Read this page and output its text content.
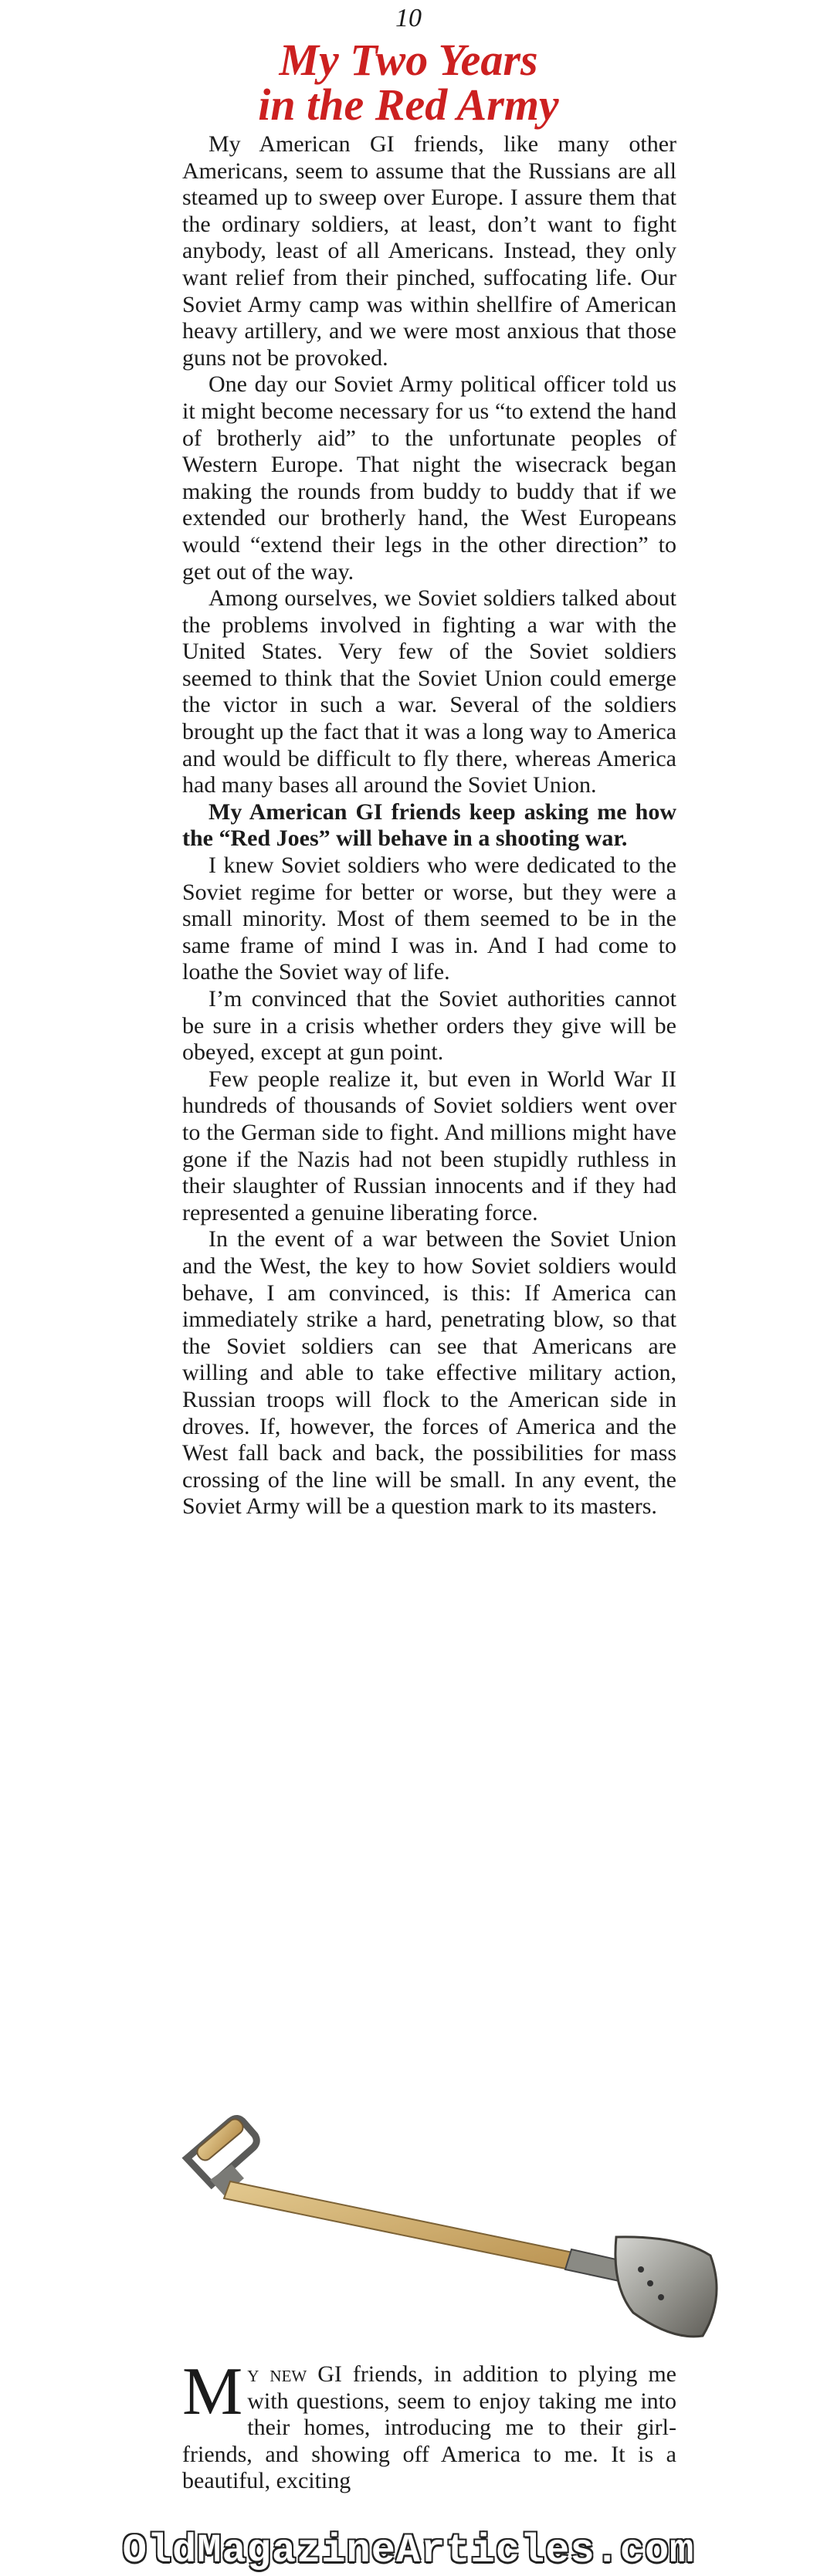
10
My Two Years
in the Red Army

My American GI friends, like many other Americans, seem to assume that the Russians are all steamed up to sweep over Europe. I assure them that the ordinary soldiers, at least, don’t want to fight anybody, least of all Americans. Instead, they only want relief from their pinched, suffocating life. Our Soviet Army camp was within shellfire of American heavy artillery, and we were most anxious that those guns not be provoked.

One day our Soviet Army political officer told us it might become necessary for us “to extend the hand of brotherly aid” to the unfortunate peoples of Western Europe. That night the wisecrack began making the rounds from buddy to buddy that if we extended our brotherly hand, the West Europeans would “extend their legs in the other direction” to get out of the way.

Among ourselves, we Soviet soldiers talked about the problems involved in fighting a war with the United States. Very few of the Soviet soldiers seemed to think that the Soviet Union could emerge the victor in such a war. Several of the soldiers brought up the fact that it was a long way to America and would be difficult to fly there, whereas America had many bases all around the Soviet Union.

My American GI friends keep asking me how the “Red Joes” will behave in a shooting war.

I knew Soviet soldiers who were dedicated to the Soviet regime for better or worse, but they were a small minority. Most of them seemed to be in the same frame of mind I was in. And I had come to loathe the Soviet way of life.

I’m convinced that the Soviet authorities cannot be sure in a crisis whether orders they give will be obeyed, except at gun point.

Few people realize it, but even in World War II hundreds of thousands of Soviet soldiers went over to the German side to fight. And millions might have gone if the Nazis had not been stupidly ruthless in their slaughter of Russian innocents and if they had represented a genuine liberating force.

In the event of a war between the Soviet Union and the West, the key to how Soviet soldiers would behave, I am convinced, is this: If America can immediately strike a hard, penetrating blow, so that the Soviet soldiers can see that Americans are willing and able to take effective military action, Russian troops will flock to the American side in droves. If, however, the forces of America and the West fall back and back, the possibilities for mass crossing of the line will be small. In any event, the Soviet Army will be a question mark to its masters.

My new GI friends, in addition to plying me with questions, seem to enjoy taking me into their homes, introducing me to their girl-friends, and showing off America to me. It is a beautiful, exciting
OldMagazineArticles.com
